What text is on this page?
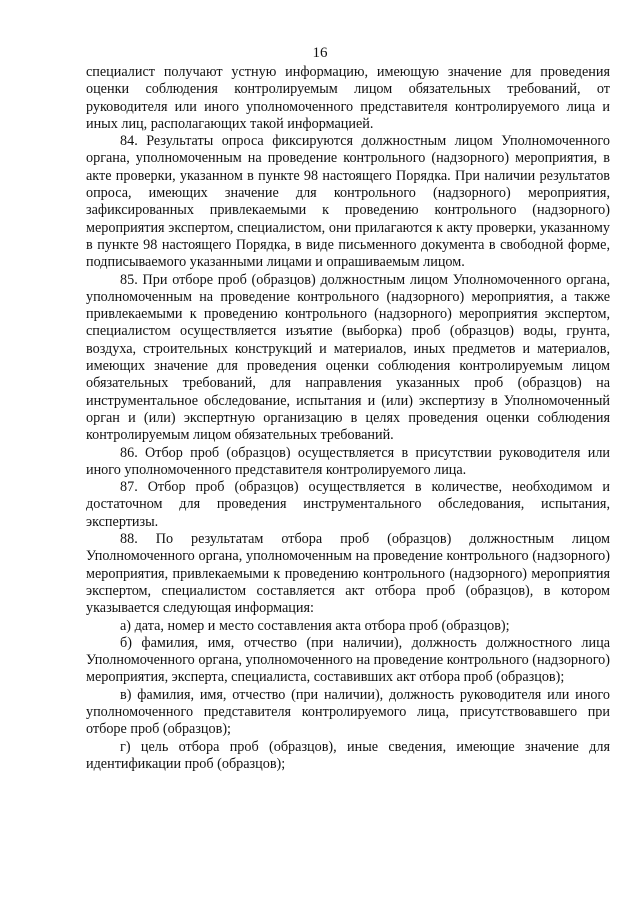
16

специалист получают устную информацию, имеющую значение для проведения оценки соблюдения контролируемым лицом обязательных требований, от руководителя или иного уполномоченного представителя контролируемого лица и иных лиц, располагающих такой информацией.

84. Результаты опроса фиксируются должностным лицом Уполномоченного органа, уполномоченным на проведение контрольного (надзорного) мероприятия, в акте проверки, указанном в пункте 98 настоящего Порядка. При наличии результатов опроса, имеющих значение для контрольного (надзорного) мероприятия, зафиксированных привлекаемыми к проведению контрольного (надзорного) мероприятия экспертом, специалистом, они прилагаются к акту проверки, указанному в пункте 98 настоящего Порядка, в виде письменного документа в свободной форме, подписываемого указанными лицами и опрашиваемым лицом.

85. При отборе проб (образцов) должностным лицом Уполномоченного органа, уполномоченным на проведение контрольного (надзорного) мероприятия, а также привлекаемыми к проведению контрольного (надзорного) мероприятия экспертом, специалистом осуществляется изъятие (выборка) проб (образцов) воды, грунта, воздуха, строительных конструкций и материалов, иных предметов и материалов, имеющих значение для проведения оценки соблюдения контролируемым лицом обязательных требований, для направления указанных проб (образцов) на инструментальное обследование, испытания и (или) экспертизу в Уполномоченный орган и (или) экспертную организацию в целях проведения оценки соблюдения контролируемым лицом обязательных требований.

86. Отбор проб (образцов) осуществляется в присутствии руководителя или иного уполномоченного представителя контролируемого лица.

87. Отбор проб (образцов) осуществляется в количестве, необходимом и достаточном для проведения инструментального обследования, испытания, экспертизы.

88. По результатам отбора проб (образцов) должностным лицом Уполномоченного органа, уполномоченным на проведение контрольного (надзорного) мероприятия, привлекаемыми к проведению контрольного (надзорного) мероприятия экспертом, специалистом составляется акт отбора проб (образцов), в котором указывается следующая информация:

а) дата, номер и место составления акта отбора проб (образцов);

б) фамилия, имя, отчество (при наличии), должность должностного лица Уполномоченного органа, уполномоченного на проведение контрольного (надзорного) мероприятия, эксперта, специалиста, составивших акт отбора проб (образцов);

в) фамилия, имя, отчество (при наличии), должность руководителя или иного уполномоченного представителя контролируемого лица, присутствовавшего при отборе проб (образцов);

г) цель отбора проб (образцов), иные сведения, имеющие значение для идентификации проб (образцов);
